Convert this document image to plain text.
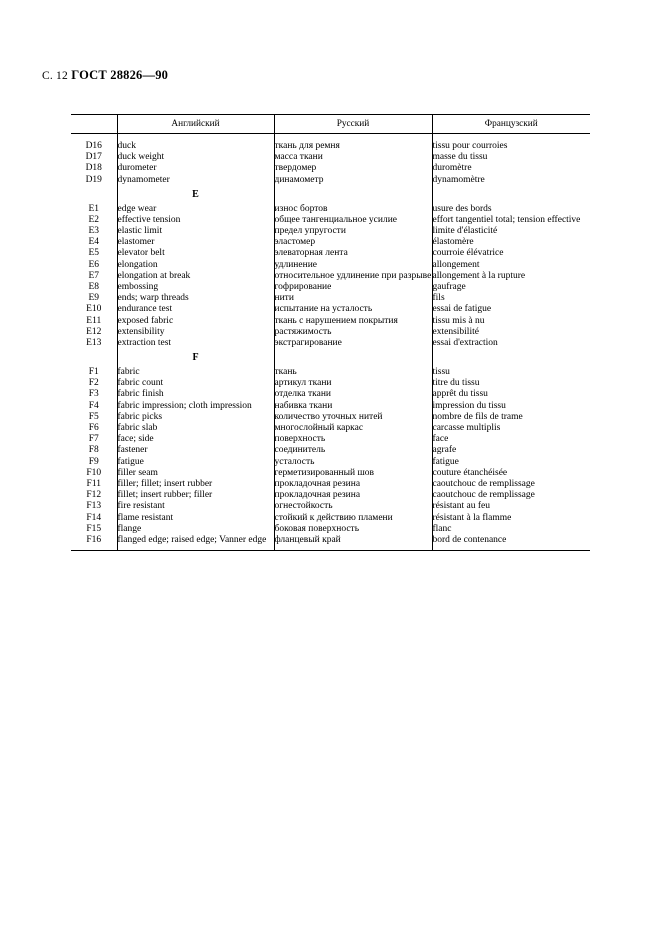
С. 12 ГОСТ 28826—90
	Английский	Русский	Французский
D16	duck	ткань для ремня	tissu pour courroies
D17	duck weight	масса ткани	masse du tissu
D18	durometer	твердомер	duromètre
D19	dynamometer	динамометр	dynamomètre
	E		
E1	edge wear	износ бортов	usure des bords
E2	effective tension	общее тангенциальное усилие	effort tangentiel total; tension effective
E3	elastic limit	предел упругости	limite d'élasticité
E4	elastomer	эластомер	élastomère
E5	elevator belt	элеваторная лента	courroie élévatrice
E6	elongation	удлинение	allongement
E7	elongation at break	относительное удлинение при разрыве	allongement à la rupture
E8	embossing	гофрирование	gaufrage
E9	ends; warp threads	нити	fils
E10	endurance test	испытание на усталость	essai de fatigue
E11	exposed fabric	ткань с нарушением покрытия	tissu mis à nu
E12	extensibility	растяжимость	extensibilité
E13	extraction test	экстрагирование	essai d'extraction
	F		
F1	fabric	ткань	tissu
F2	fabric count	артикул ткани	titre du tissu
F3	fabric finish	отделка ткани	apprêt du tissu
F4	fabric impression; cloth impression	набивка ткани	impression du tissu
F5	fabric picks	количество уточных нитей	nombre de fils de trame
F6	fabric slab	многослойный каркас	carcasse multiplis
F7	face; side	поверхность	face
F8	fastener	соединитель	agrafe
F9	fatigue	усталость	fatigue
F10	filler seam	герметизированный шов	couture étanchéisée
F11	filler; fillet; insert rubber	прокладочная резина	caoutchouc de remplissage
F12	fillet; insert rubber; filler	прокладочная резина	caoutchouc de remplissage
F13	fire resistant	огнестойкость	résistant au feu
F14	flame resistant	стойкий к действию пламени	résistant à la flamme
F15	flange	боковая поверхность	flanc
F16	flanged edge; raised edge; Vanner edge	фланцевый край	bord de contenance
